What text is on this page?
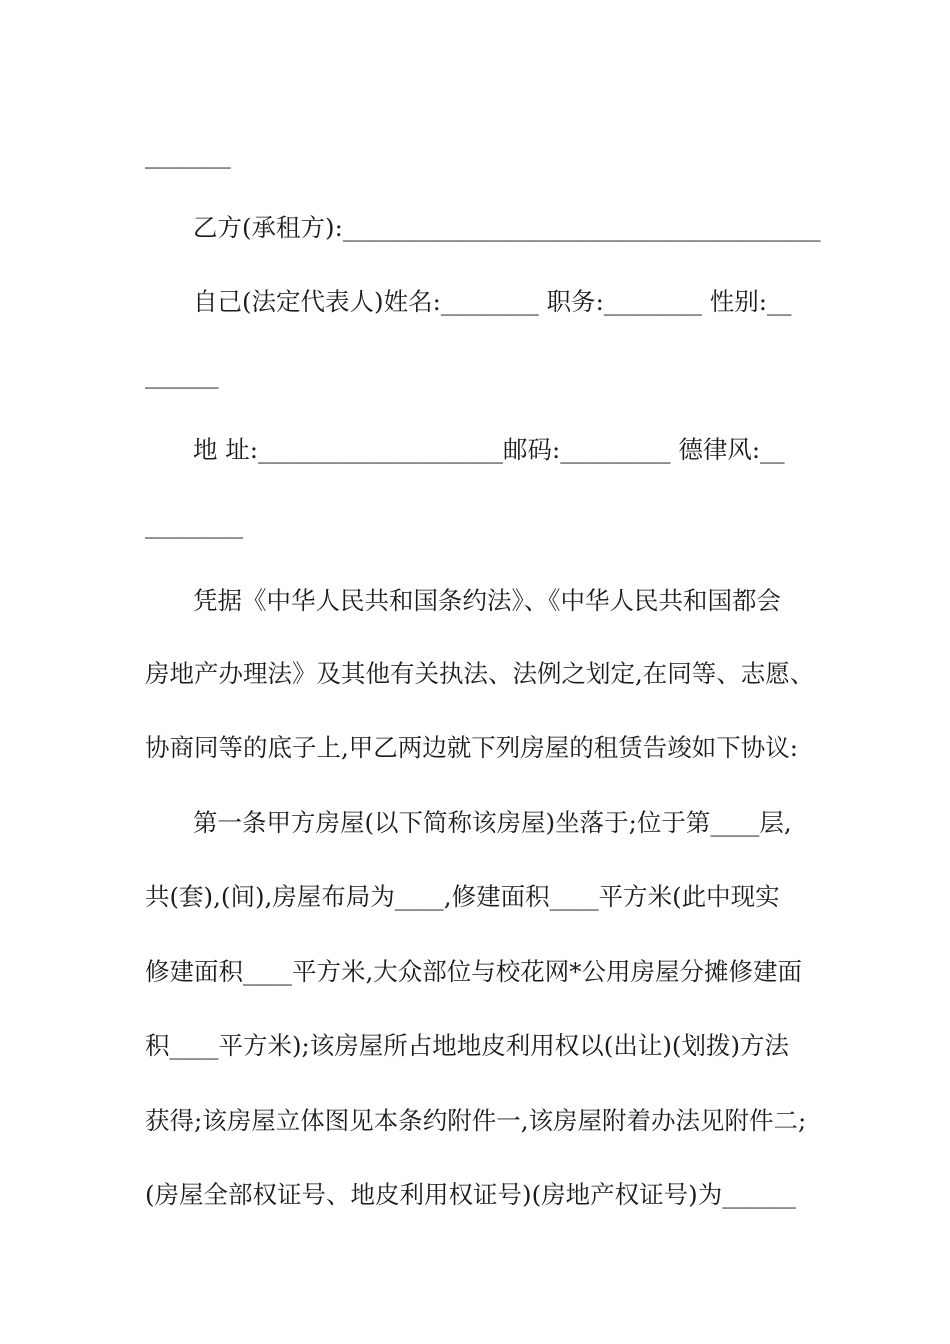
_______
乙方(承租方):_______________________________________
自己(法定代表人)姓名:________ 职务:________ 性别:__
______
地 址:____________________邮码:_________ 德律风:__
________
凭据《中华人民共和国条约法》、《中华人民共和国都会
房地产办理法》及其他有关执法、法例之划定,在同等、志愿、
协商同等的底子上,甲乙两边就下列房屋的租赁告竣如下协议:
第一条甲方房屋(以下简称该房屋)坐落于;位于第____层,
共(套),(间),房屋布局为____,修建面积____平方米(此中现实
修建面积____平方米,大众部位与校花网*公用房屋分摊修建面
积____平方米);该房屋所占地地皮利用权以(出让)(划拨)方法
获得;该房屋立体图见本条约附件一,该房屋附着办法见附件二;
(房屋全部权证号、地皮利用权证号)(房地产权证号)为______
